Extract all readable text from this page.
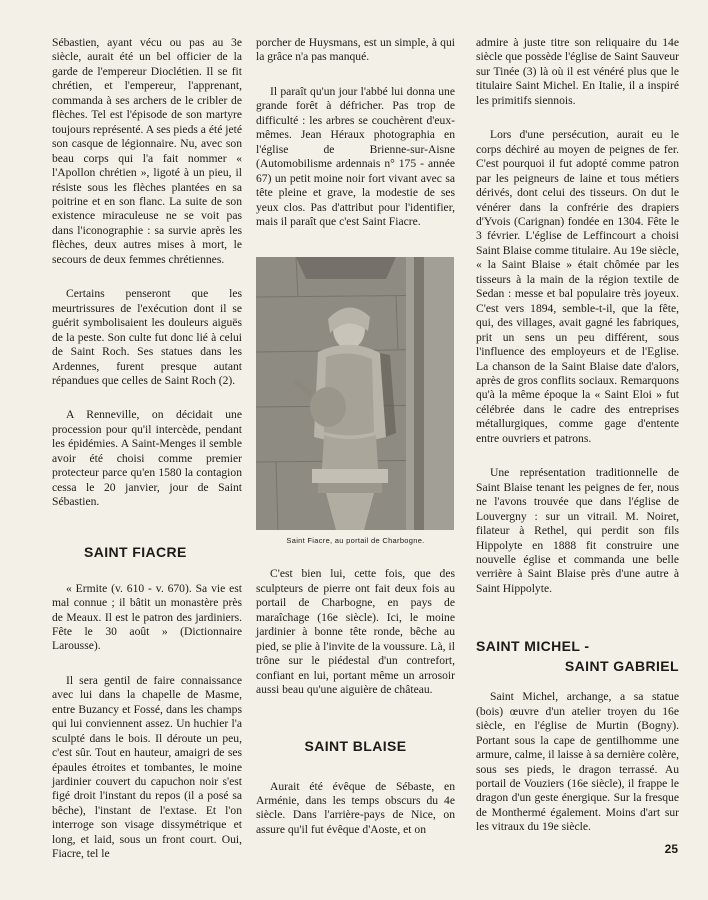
Sébastien, ayant vécu ou pas au 3e siècle, aurait été un bel officier de la garde de l'empereur Dioclétien. Il se fit chrétien, et l'empereur, l'apprenant, commanda à ses archers de le cribler de flèches. Tel est l'épisode de son martyre toujours représenté. A ses pieds a été jeté son casque de légionnaire. Nu, avec son beau corps qui l'a fait nommer « l'Apollon chrétien », ligoté à un pieu, il résiste sous les flèches plantées en sa poitrine et en son flanc. La suite de son existence miraculeuse ne se voit pas dans l'iconographie : sa survie après les flèches, deux autres mises à mort, le secours de deux femmes chrétiennes.

Certains penseront que les meurtrissures de l'exécution dont il se guérit symbolisaient les douleurs aiguës de la peste. Son culte fut donc lié à celui de Saint Roch. Ses statues dans les Ardennes, furent presque autant répandues que celles de Saint Roch (2).

A Renneville, on décidait une procession pour qu'il intercède, pendant les épidémies. A Saint-Menges il semble avoir été choisi comme premier protecteur parce qu'en 1580 la contagion cessa le 20 janvier, jour de Saint Sébastien.

SAINT FIACRE

« Ermite (v. 610 - v. 670). Sa vie est mal connue ; il bâtit un monastère près de Meaux. Il est le patron des jardiniers. Fête le 30 août » (Dictionnaire Larousse).

Il sera gentil de faire connaissance avec lui dans la chapelle de Masme, entre Buzancy et Fossé, dans les champs qui lui conviennent assez. Un huchier l'a sculpté dans le bois. Il déroute un peu, c'est sûr. Tout en hauteur, amaigri de ses épaules étroites et tombantes, le moine jardinier couvert du capuchon noir s'est figé droit l'instant du repos (il a posé sa bêche), l'instant de l'extase. Et l'on interroge son visage dissymétrique et long, et laid, sous un front court. Oui, Fiacre, tel le

porcher de Huysmans, est un simple, à qui la grâce n'a pas manqué.

Il paraît qu'un jour l'abbé lui donna une grande forêt à défricher. Pas trop de difficulté : les arbres se couchèrent d'eux-mêmes. Jean Héraux photographia en l'église de Brienne-sur-Aisne (Automobilisme ardennais n° 175 - année 67) un petit moine noir fort vivant avec sa tête pleine et grave, la modestie de ses yeux clos. Pas d'attribut pour l'identifier, mais il paraît que c'est Saint Fiacre.

Saint Fiacre, au portail de Charbogne.

C'est bien lui, cette fois, que des sculpteurs de pierre ont fait deux fois au portail de Charbogne, en pays de maraîchage (16e siècle). Ici, le moine jardinier à bonne tête ronde, bêche au pied, se plie à l'invite de la voussure. Là, il trône sur le piédestal d'un contrefort, confiant en lui, portant même un arrosoir aussi beau qu'une aiguière de château.

SAINT BLAISE

Aurait été évêque de Sébaste, en Arménie, dans les temps obscurs du 4e siècle. Dans l'arrière-pays de Nice, on assure qu'il fut évêque d'Aoste, et on

admire à juste titre son reliquaire du 14e siècle que possède l'église de Saint Sauveur sur Tinée (3) là où il est vénéré plus que le titulaire Saint Michel. En Italie, il a inspiré les primitifs siennois.

Lors d'une persécution, aurait eu le corps déchiré au moyen de peignes de fer. C'est pourquoi il fut adopté comme patron par les peigneurs de laine et tous métiers dérivés, dont celui des tisseurs. On dut le vénérer dans la confrérie des drapiers d'Yvois (Carignan) fondée en 1304. Fête le 3 février. L'église de Leffincourt a choisi Saint Blaise comme titulaire. Au 19e siècle, « la Saint Blaise » était chômée par les tisseurs à la main de la région textile de Sedan : messe et bal populaire très joyeux. C'est vers 1894, semble-t-il, que la fête, qui, des villages, avait gagné les fabriques, prit un sens un peu différent, sous l'influence des employeurs et de l'Eglise. La chanson de la Saint Blaise date d'alors, après de gros conflits sociaux. Remarquons qu'à la même époque la « Saint Eloi » fut célébrée dans le cadre des entreprises métallurgiques, comme gage d'entente entre ouvriers et patrons.

Une représentation traditionnelle de Saint Blaise tenant les peignes de fer, nous ne l'avons trouvée que dans l'église de Louvergny : sur un vitrail. M. Noiret, filateur à Rethel, qui perdit son fils Hippolyte en 1888 fit construire une nouvelle église et commanda une belle verrière à Saint Blaise près d'une autre à Saint Hippolyte.

SAINT MICHEL -
SAINT GABRIEL

Saint Michel, archange, a sa statue (bois) œuvre d'un atelier troyen du 16e siècle, en l'église de Murtin (Bogny). Portant sous la cape de gentilhomme une armure, calme, il laisse à sa dernière colère, sous ses pieds, le dragon terrassé. Au portail de Vouziers (16e siècle), il frappe le dragon d'un geste énergique. Sur la fresque de Monthermé également. Moins d'art sur les vitraux du 19e siècle.

25
